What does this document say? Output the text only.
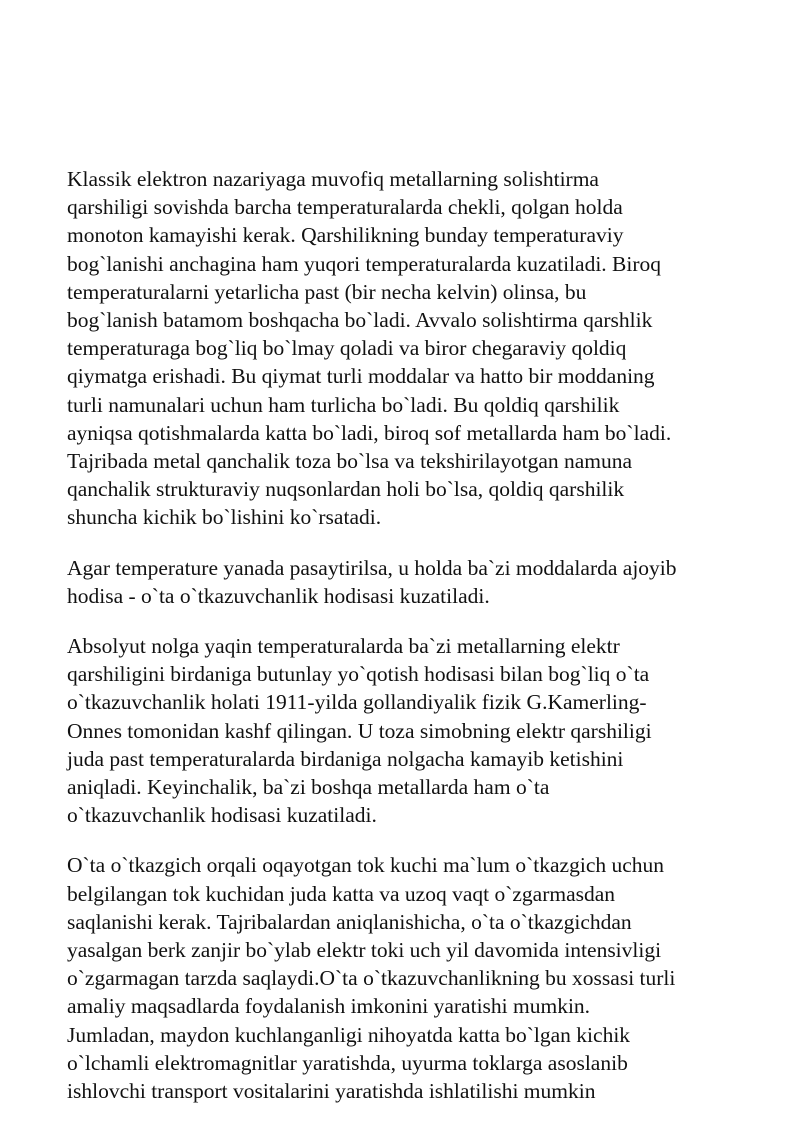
Klassik elektron nazariyaga muvofiq metallarning solishtirma
qarshiligi sovishda barcha temperaturalarda chekli, qolgan holda
monoton kamayishi kerak. Qarshilikning bunday temperaturaviy
bog`lanishi anchagina ham yuqori temperaturalarda kuzatiladi. Biroq
temperaturalarni yetarlicha past (bir necha kelvin) olinsa, bu
bog`lanish batamom boshqacha bo`ladi. Avvalo solishtirma qarshlik
temperaturaga bog`liq bo`lmay qoladi va biror chegaraviy qoldiq
qiymatga erishadi. Bu qiymat turli moddalar va hatto bir moddaning
turli namunalari uchun ham turlicha bo`ladi. Bu qoldiq qarshilik
ayniqsa qotishmalarda katta bo`ladi, biroq sof metallarda ham bo`ladi.
Tajribada metal qanchalik toza bo`lsa va tekshirilayotgan namuna
qanchalik strukturaviy nuqsonlardan holi bo`lsa, qoldiq qarshilik
shuncha kichik bo`lishini ko`rsatadi.

Agar temperature yanada pasaytirilsa, u holda ba`zi moddalarda ajoyib
hodisa - o`ta o`tkazuvchanlik hodisasi kuzatiladi.

Absolyut nolga yaqin temperaturalarda ba`zi metallarning elektr
qarshiligini birdaniga butunlay yo`qotish hodisasi bilan bog`liq o`ta
o`tkazuvchanlik holati 1911-yilda gollandiyalik fizik G.Kamerling-
Onnes tomonidan kashf qilingan. U toza simobning elektr qarshiligi
juda past temperaturalarda birdaniga nolgacha kamayib ketishini
aniqladi. Keyinchalik, ba`zi boshqa metallarda ham o`ta
o`tkazuvchanlik hodisasi kuzatiladi.

O`ta o`tkazgich orqali oqayotgan tok kuchi ma`lum o`tkazgich uchun
belgilangan tok kuchidan juda katta va uzoq vaqt o`zgarmasdan
saqlanishi kerak. Tajribalardan aniqlanishicha, o`ta o`tkazgichdan
yasalgan berk zanjir bo`ylab elektr toki uch yil davomida intensivligi
o`zgarmagan tarzda saqlaydi.O`ta o`tkazuvchanlikning bu xossasi turli
amaliy maqsadlarda foydalanish imkonini yaratishi mumkin.
Jumladan, maydon kuchlanganligi nihoyatda katta bo`lgan kichik
o`lchamli elektromagnitlar yaratishda, uyurma toklarga asoslanib
ishlovchi transport vositalarini yaratishda ishlatilishi mumkin
